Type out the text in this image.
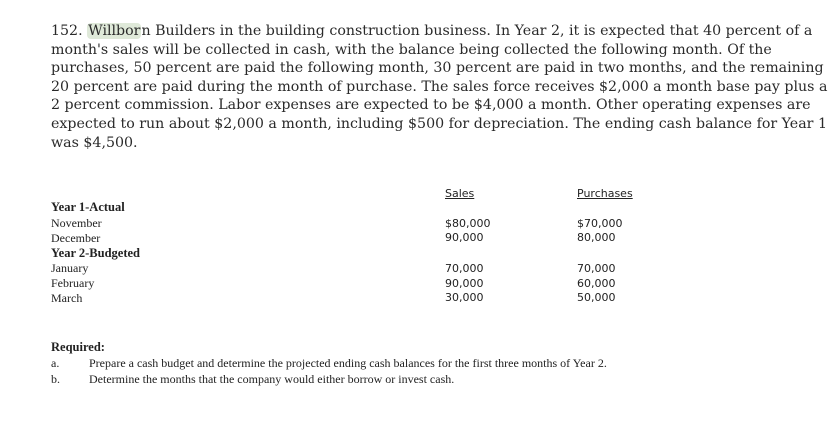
152. Willborn Builders in the building construction business. In Year 2, it is expected that 40 percent of a month's sales will be collected in cash, with the balance being collected the following month. Of the purchases, 50 percent are paid the following month, 30 percent are paid in two months, and the remaining 20 percent are paid during the month of purchase. The sales force receives $2,000 a month base pay plus a 2 percent commission. Labor expenses are expected to be $4,000 a month. Other operating expenses are expected to run about $2,000 a month, including $500 for depreciation. The ending cash balance for Year 1 was $4,500.

Sales	Purchases
Year 1-Actual
November
December
Year 2-Budgeted
January
February
March
$80,000
90,000
70,000
90,000
30,000
$70,000
80,000
70,000
60,000
50,000
Required:
a. Prepare a cash budget and determine the projected ending cash balances for the first three months of Year 2.
b. Determine the months that the company would either borrow or invest cash.
